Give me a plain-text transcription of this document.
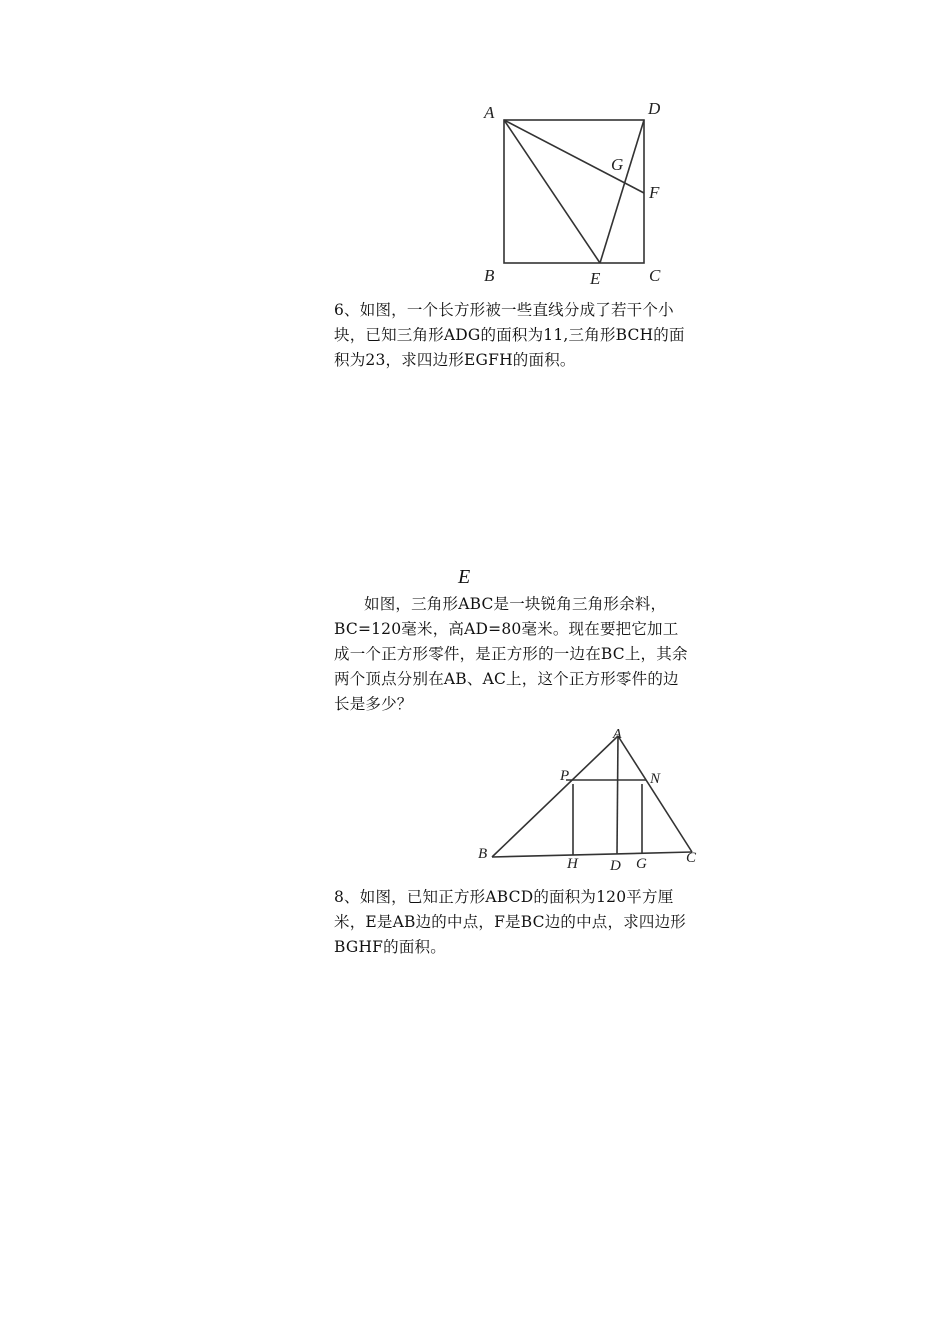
A	D
G
F
B	E	C

6、如图，一个长方形被一些直线分成了若干个小块，已知三角形ADG的面积为11,三角形BCH的面积为23，求四边形EGFH的面积。

E

如图，三角形ABC是一块锐角三角形余料，BC=120毫米，高AD=80毫米。现在要把它加工成一个正方形零件，是正方形的一边在BC上，其余两个顶点分别在AB、AC上，这个正方形零件的边长是多少？

A
P	N
B
H D G	C

8、如图，已知正方形ABCD的面积为120平方厘米，E是AB边的中点，F是BC边的中点，求四边形BGHF的面积。
